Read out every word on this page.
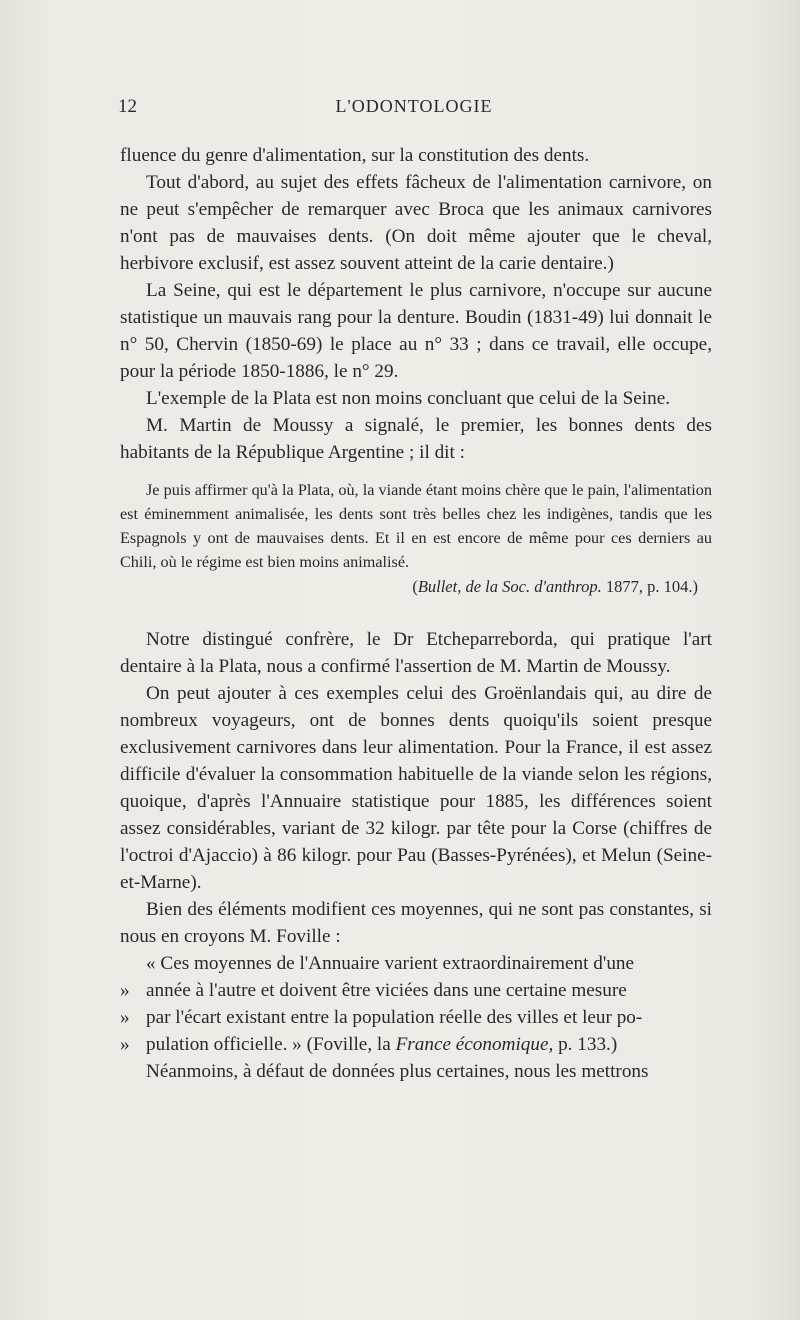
12	L'ODONTOLOGIE

fluence du genre d'alimentation, sur la constitution des dents.

Tout d'abord, au sujet des effets fâcheux de l'alimentation carnivore, on ne peut s'empêcher de remarquer avec Broca que les animaux carnivores n'ont pas de mauvaises dents. (On doit même ajouter que le cheval, herbivore exclusif, est assez souvent atteint de la carie dentaire.)

La Seine, qui est le département le plus carnivore, n'occupe sur aucune statistique un mauvais rang pour la denture. Boudin (1831-49) lui donnait le n° 50, Chervin (1850-69) le place au n° 33 ; dans ce travail, elle occupe, pour la période 1850-1886, le n° 29.

L'exemple de la Plata est non moins concluant que celui de la Seine.

M. Martin de Moussy a signalé, le premier, les bonnes dents des habitants de la République Argentine ; il dit :

Je puis affirmer qu'à la Plata, où, la viande étant moins chère que le pain, l'alimentation est éminemment animalisée, les dents sont très belles chez les indigènes, tandis que les Espagnols y ont de mauvaises dents. Et il en est encore de même pour ces derniers au Chili, où le régime est bien moins animalisé.

(Bullet, de la Soc. d'anthrop. 1877, p. 104.)

Notre distingué confrère, le Dr Etcheparreborda, qui pratique l'art dentaire à la Plata, nous a confirmé l'assertion de M. Martin de Moussy.

On peut ajouter à ces exemples celui des Groënlandais qui, au dire de nombreux voyageurs, ont de bonnes dents quoiqu'ils soient presque exclusivement carnivores dans leur alimentation. Pour la France, il est assez difficile d'évaluer la consommation habituelle de la viande selon les régions, quoique, d'après l'Annuaire statistique pour 1885, les différences soient assez considérables, variant de 32 kilogr. par tête pour la Corse (chiffres de l'octroi d'Ajaccio) à 86 kilogr. pour Pau (Basses-Pyrénées), et Melun (Seine-et-Marne).

Bien des éléments modifient ces moyennes, qui ne sont pas constantes, si nous en croyons M. Foville :

« Ces moyennes de l'Annuaire varient extraordinairement d'une

» année à l'autre et doivent être viciées dans une certaine mesure

» par l'écart existant entre la population réelle des villes et leur po-

» pulation officielle. » (Foville, la France économique, p. 133.)

Néanmoins, à défaut de données plus certaines, nous les mettrons
